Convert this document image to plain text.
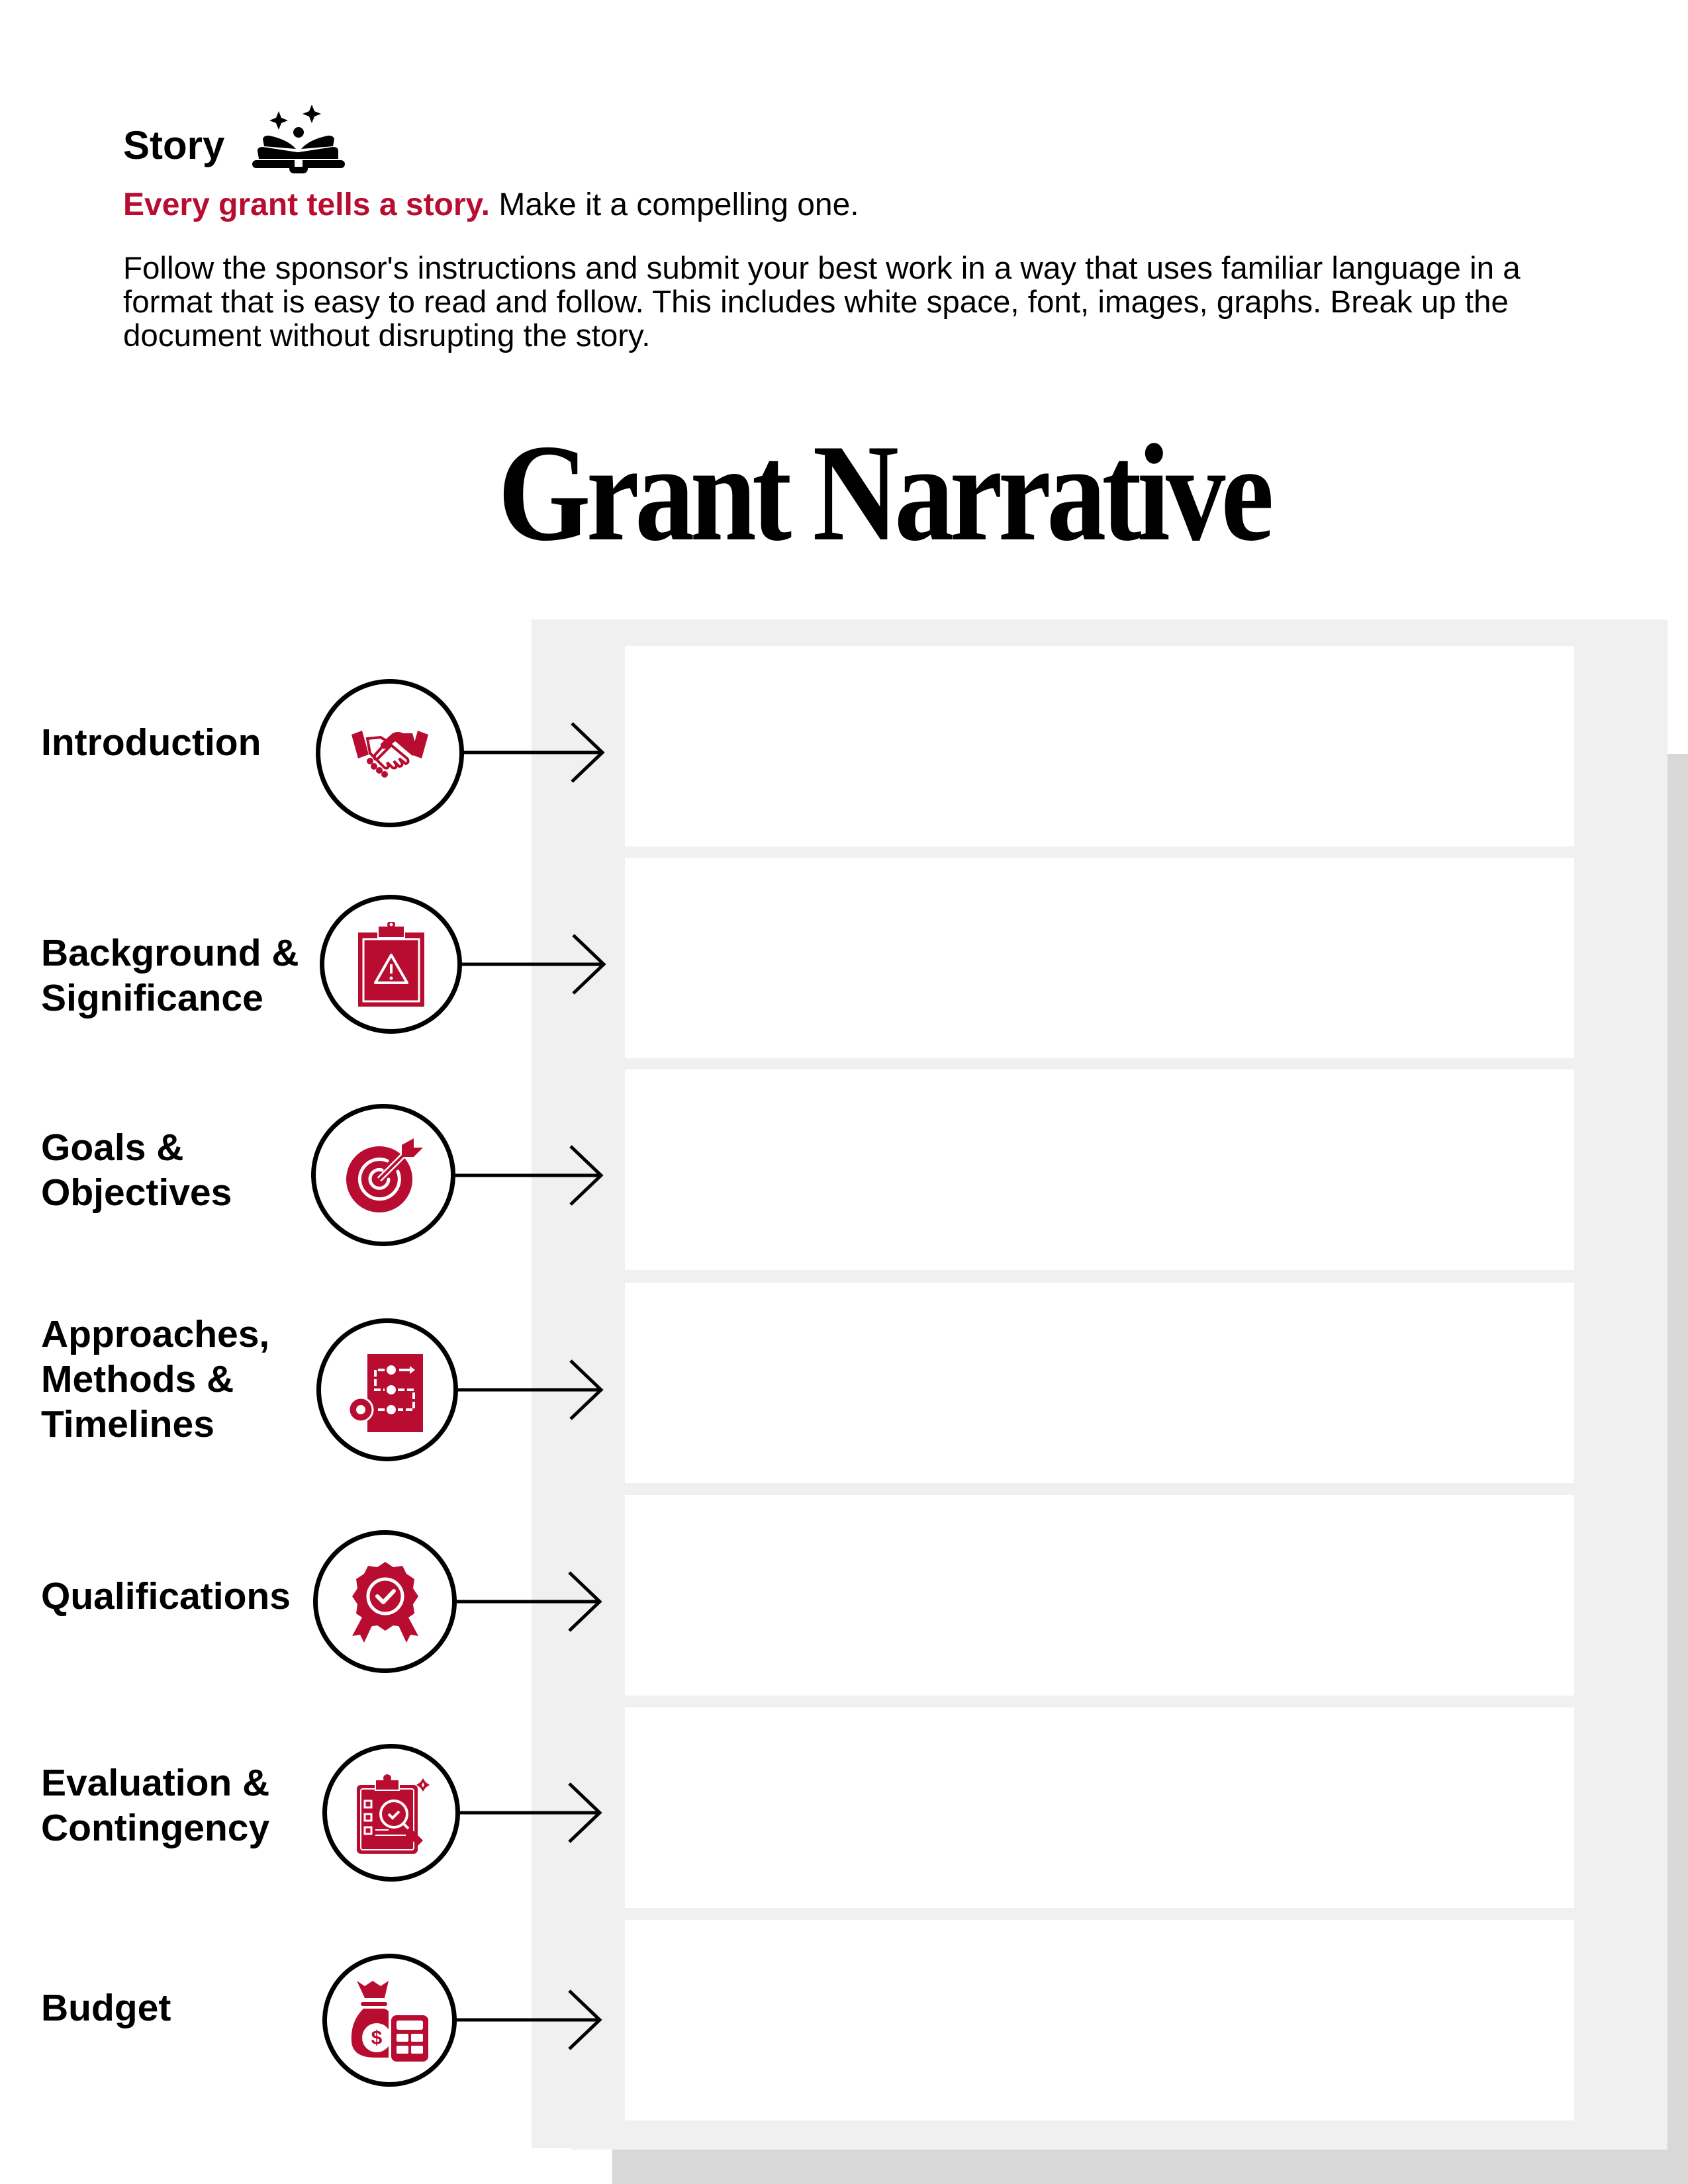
Story
Every grant tells a story. Make it a compelling one.
Follow the sponsor's instructions and submit your best work in a way that uses familiar language in a format that is easy to read and follow. This includes white space, font, images, graphs. Break up the document without disrupting the story.
Grant Narrative
Introduction
Background & Significance
Goals & Objectives
Approaches, Methods & Timelines
Qualifications
Evaluation & Contingency
Budget
$
